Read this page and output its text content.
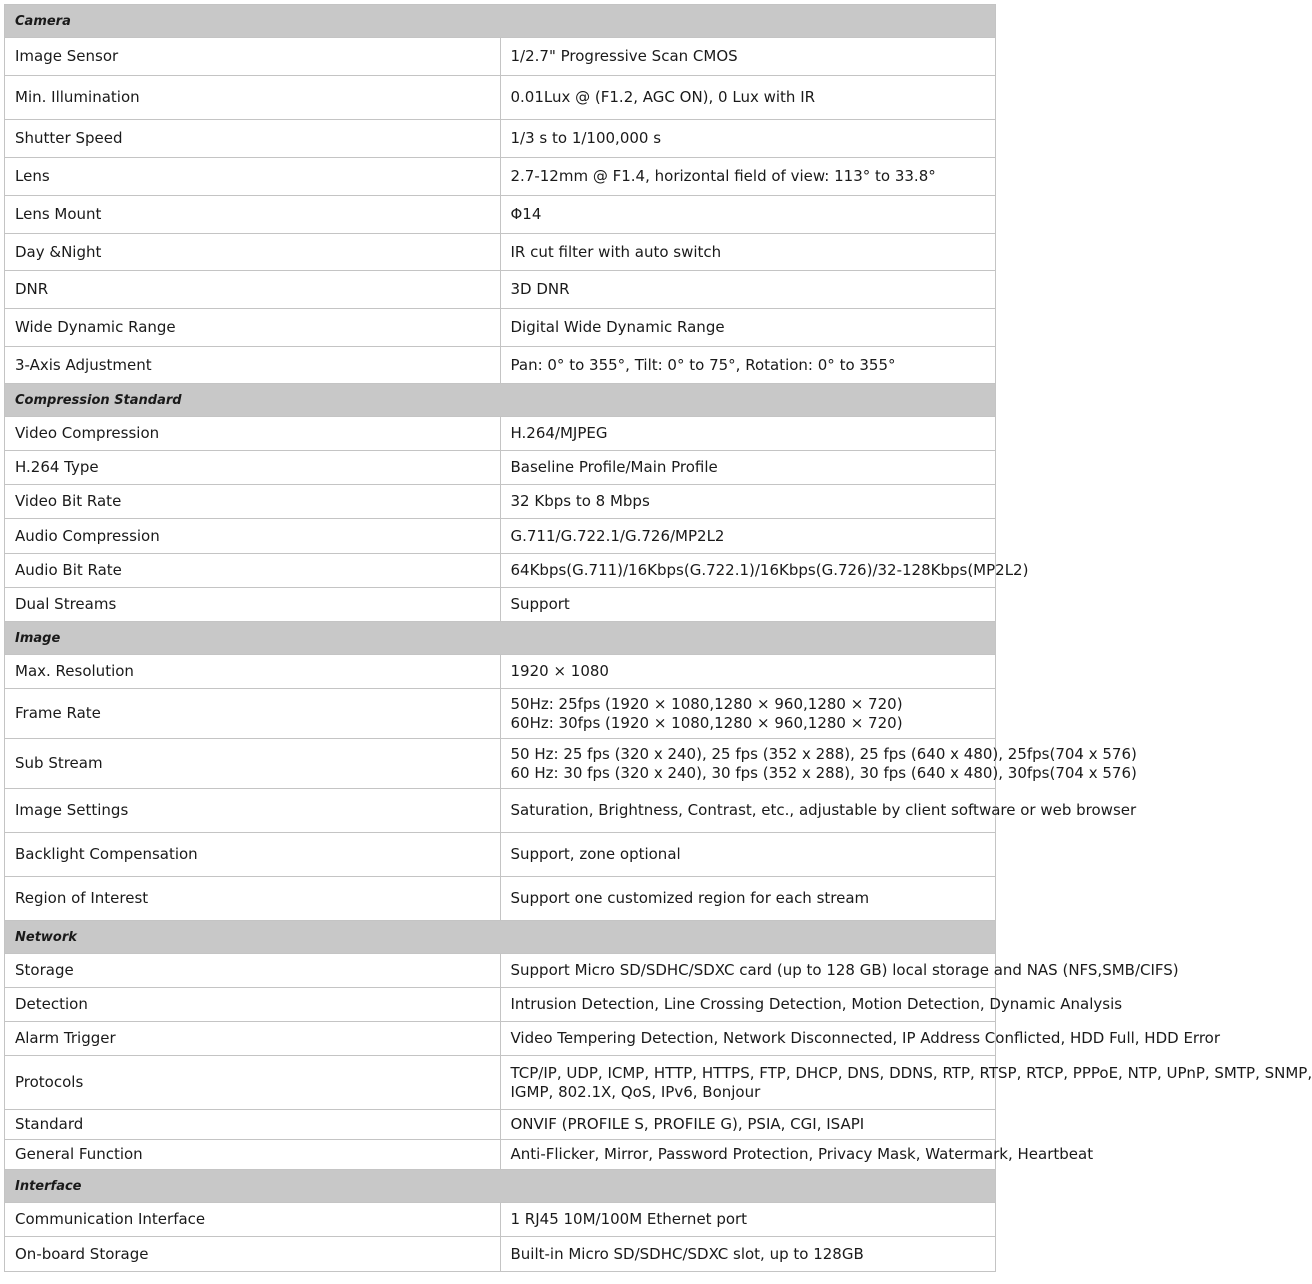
Camera	
Image Sensor	1/2.7" Progressive Scan CMOS

Min. Illumination	0.01Lux @ (F1.2, AGC ON), 0 Lux with IR

Shutter Speed	1/3 s to 1/100,000 s

Lens	2.7-12mm @ F1.4, horizontal field of view: 113° to 33.8°

Lens Mount	Φ14

Day &Night	IR cut filter with auto switch

DNR	3D DNR

Wide Dynamic Range	Digital Wide Dynamic Range

3-Axis Adjustment	Pan: 0° to 355°, Tilt: 0° to 75°, Rotation: 0° to 355°

Compression Standard	
Video Compression	H.264/MJPEG

H.264 Type	Baseline Profile/Main Profile

Video Bit Rate	32 Kbps to 8 Mbps

Audio Compression	G.711/G.722.1/G.726/MP2L2

Audio Bit Rate	64Kbps(G.711)/16Kbps(G.722.1)/16Kbps(G.726)/32-128Kbps(MP2L2)

Dual Streams	Support

Image	
Max. Resolution	1920 × 1080

Frame Rate	50Hz: 25fps (1920 × 1080,1280 × 960,1280 × 720)
60Hz: 30fps (1920 × 1080,1280 × 960,1280 × 720)

Sub Stream	50 Hz: 25 fps (320 x 240), 25 fps (352 x 288), 25 fps (640 x 480), 25fps(704 x 576)
60 Hz: 30 fps (320 x 240), 30 fps (352 x 288), 30 fps (640 x 480), 30fps(704 x 576)

Image Settings	Saturation, Brightness, Contrast, etc., adjustable by client software or web browser

Backlight Compensation	Support, zone optional

Region of Interest	Support one customized region for each stream

Network	
Storage	Support Micro SD/SDHC/SDXC card (up to 128 GB) local storage and NAS (NFS,SMB/CIFS)

Detection	Intrusion Detection, Line Crossing Detection, Motion Detection, Dynamic Analysis

Alarm Trigger	Video Tempering Detection, Network Disconnected, IP Address Conflicted, HDD Full, HDD Error

Protocols	TCP/IP, UDP, ICMP, HTTP, HTTPS, FTP, DHCP, DNS, DDNS, RTP, RTSP, RTCP, PPPoE, NTP, UPnP, SMTP, SNMP,
IGMP, 802.1X, QoS, IPv6, Bonjour

Standard	ONVIF (PROFILE S, PROFILE G), PSIA, CGI, ISAPI

General Function	Anti-Flicker, Mirror, Password Protection, Privacy Mask, Watermark, Heartbeat

Interface	
Communication Interface	1 RJ45 10M/100M Ethernet port

On-board Storage	Built-in Micro SD/SDHC/SDXC slot, up to 128GB
